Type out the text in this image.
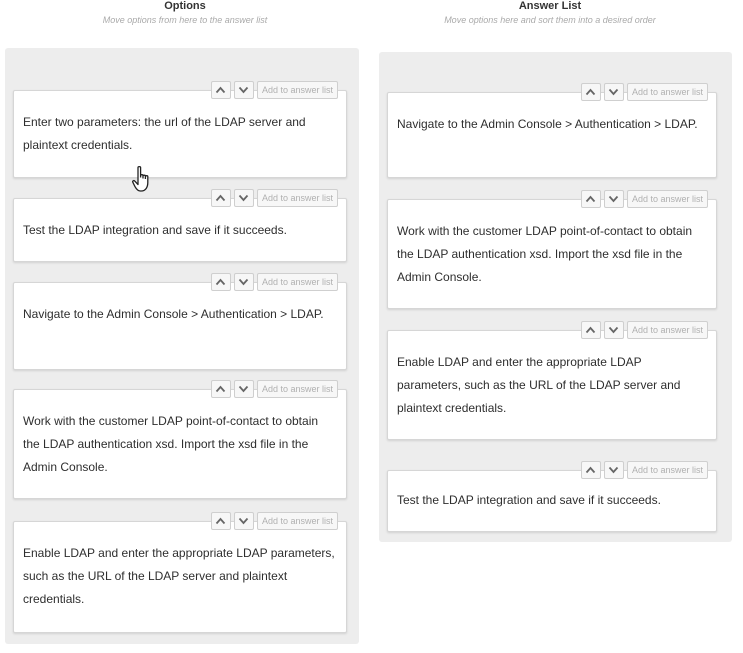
Options
Move options from here to the answer list
Answer List
Move options here and sort them into a desired order
Add to answer list
Enter two parameters: the url of the LDAP server and plaintext credentials.
Add to answer list
Test the LDAP integration and save if it succeeds.
Add to answer list
Navigate to the Admin Console > Authentication > LDAP.
Add to answer list
Work with the customer LDAP point-of-contact to obtain the LDAP authentication xsd. Import the xsd file in the Admin Console.
Add to answer list
Enable LDAP and enter the appropriate LDAP parameters, such as the URL of the LDAP server and plaintext credentials.
Add to answer list
Navigate to the Admin Console > Authentication > LDAP.
Add to answer list
Work with the customer LDAP point-of-contact to obtain the LDAP authentication xsd. Import the xsd file in the Admin Console.
Add to answer list
Enable LDAP and enter the appropriate LDAP parameters, such as the URL of the LDAP server and plaintext credentials.
Add to answer list
Test the LDAP integration and save if it succeeds.
